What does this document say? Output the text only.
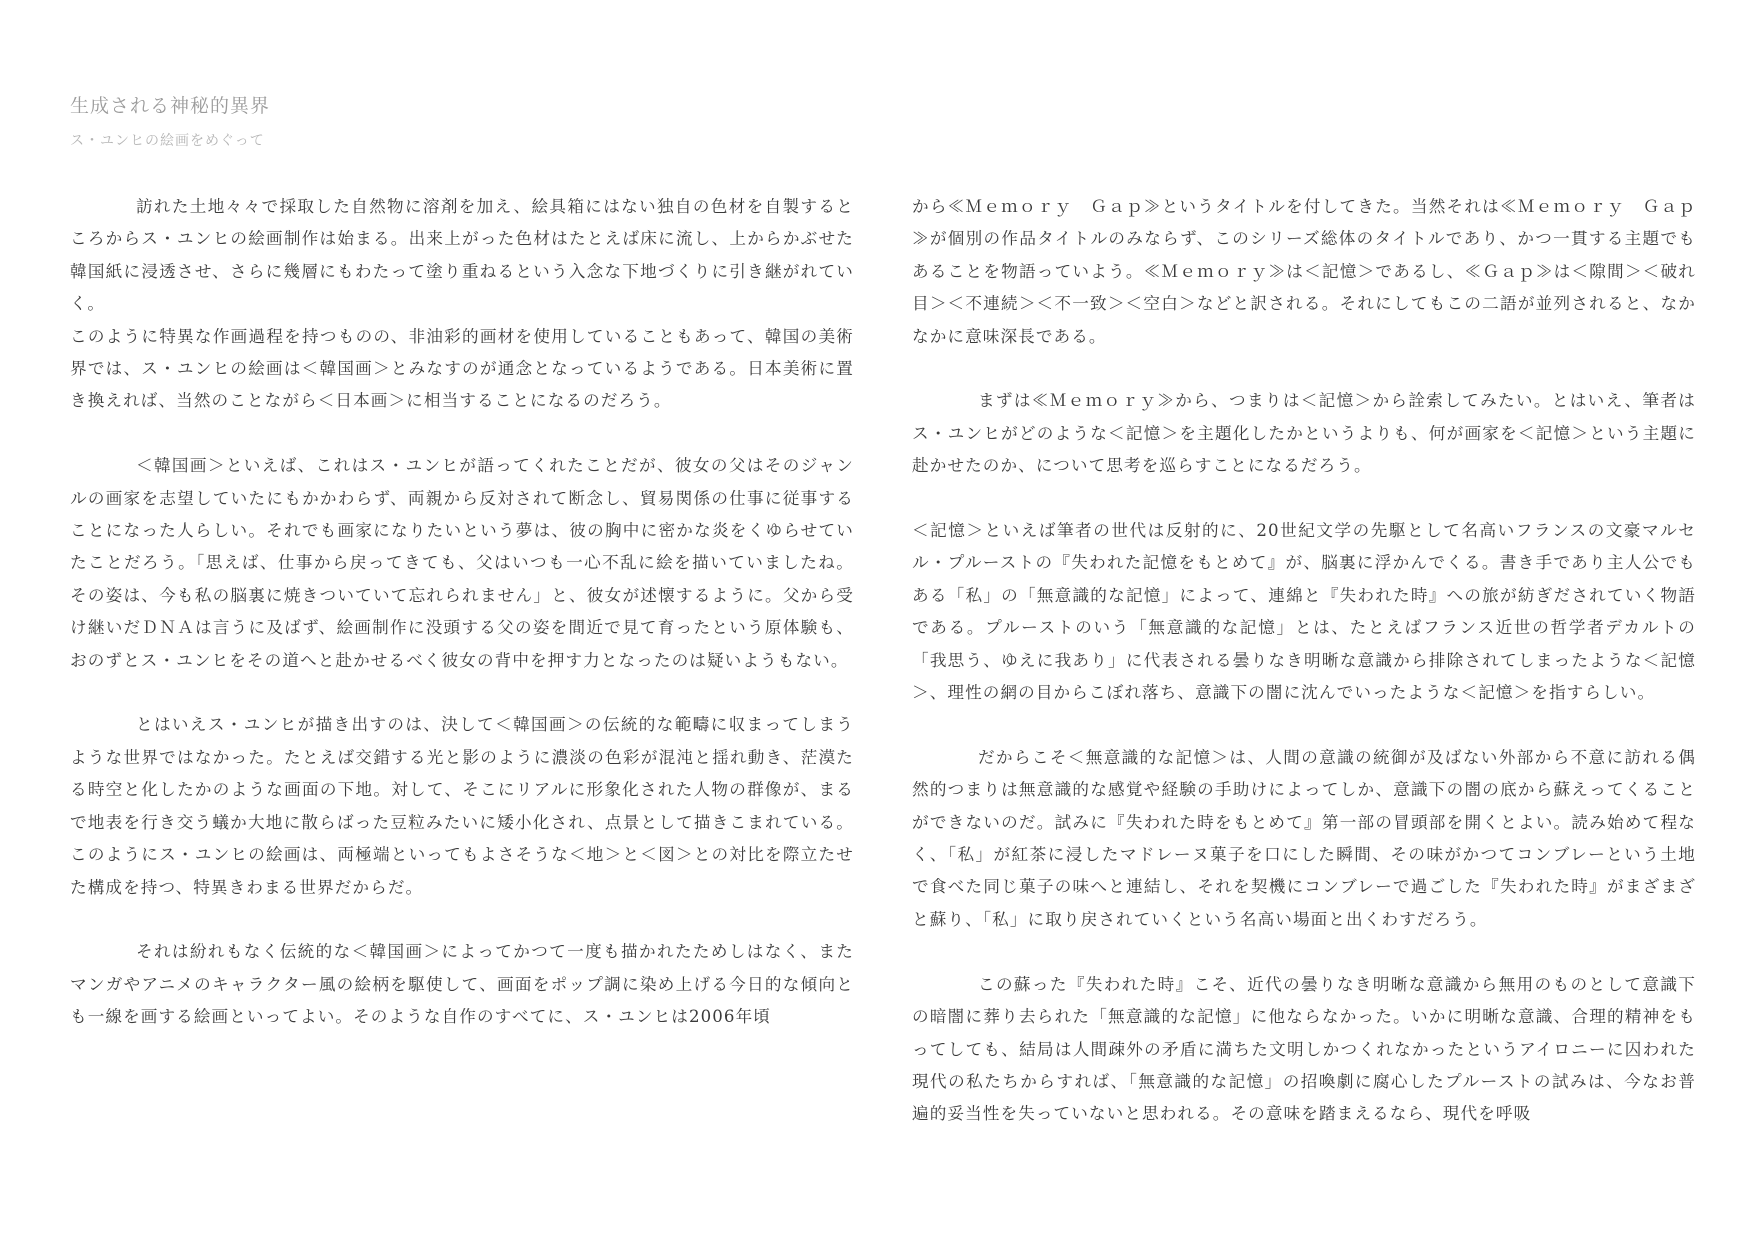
生成される神秘的異界
ス・ユンヒの絵画をめぐって

訪れた土地々々で採取した自然物に溶剤を加え、絵具箱にはない独自の色材を自製するところからス・ユンヒの絵画制作は始まる。出来上がった色材はたとえば床に流し、上からかぶせた韓国紙に浸透させ、さらに幾層にもわたって塗り重ねるという入念な下地づくりに引き継がれていく。

このように特異な作画過程を持つものの、非油彩的画材を使用していることもあって、韓国の美術界では、ス・ユンヒの絵画は＜韓国画＞とみなすのが通念となっているようである。日本美術に置き換えれば、当然のことながら＜日本画＞に相当することになるのだろう。

＜韓国画＞といえば、これはス・ユンヒが語ってくれたことだが、彼女の父はそのジャンルの画家を志望していたにもかかわらず、両親から反対されて断念し、貿易関係の仕事に従事することになった人らしい。それでも画家になりたいという夢は、彼の胸中に密かな炎をくゆらせていたことだろう。「思えば、仕事から戻ってきても、父はいつも一心不乱に絵を描いていましたね。その姿は、今も私の脳裏に焼きついていて忘れられません」と、彼女が述懐するように。父から受け継いだＤＮＡは言うに及ばず、絵画制作に没頭する父の姿を間近で見て育ったという原体験も、おのずとス・ユンヒをその道へと赴かせるべく彼女の背中を押す力となったのは疑いようもない。

とはいえス・ユンヒが描き出すのは、決して＜韓国画＞の伝統的な範疇に収まってしまうような世界ではなかった。たとえば交錯する光と影のように濃淡の色彩が混沌と揺れ動き、茫漠たる時空と化したかのような画面の下地。対して、そこにリアルに形象化された人物の群像が、まるで地表を行き交う蟻か大地に散らばった豆粒みたいに矮小化され、点景として描きこまれている。このようにス・ユンヒの絵画は、両極端といってもよさそうな＜地＞と＜図＞との対比を際立たせた構成を持つ、特異きわまる世界だからだ。

それは紛れもなく伝統的な＜韓国画＞によってかつて一度も描かれたためしはなく、またマンガやアニメのキャラクター風の絵柄を駆使して、画面をポップ調に染め上げる今日的な傾向とも一線を画する絵画といってよい。そのような自作のすべてに、ス・ユンヒは2006年頃

から≪Ｍｅｍｏｒｙ　Ｇａｐ≫というタイトルを付してきた。当然それは≪Ｍｅｍｏｒｙ　Ｇａｐ≫が個別の作品タイトルのみならず、このシリーズ総体のタイトルであり、かつ一貫する主題でもあることを物語っていよう。≪Ｍｅｍｏｒｙ≫は＜記憶＞であるし、≪Ｇａｐ≫は＜隙間＞＜破れ目＞＜不連続＞＜不一致＞＜空白＞などと訳される。それにしてもこの二語が並列されると、なかなかに意味深長である。

まずは≪Ｍｅｍｏｒｙ≫から、つまりは＜記憶＞から詮索してみたい。とはいえ、筆者はス・ユンヒがどのような＜記憶＞を主題化したかというよりも、何が画家を＜記憶＞という主題に赴かせたのか、について思考を巡らすことになるだろう。

＜記憶＞といえば筆者の世代は反射的に、20世紀文学の先駆として名高いフランスの文豪マルセル・プルーストの『失われた記憶をもとめて』が、脳裏に浮かんでくる。書き手であり主人公でもある「私」の「無意識的な記憶」によって、連綿と『失われた時』への旅が紡ぎだされていく物語である。プルーストのいう「無意識的な記憶」とは、たとえばフランス近世の哲学者デカルトの「我思う、ゆえに我あり」に代表される曇りなき明晰な意識から排除されてしまったような＜記憶＞、理性の網の目からこぼれ落ち、意識下の闇に沈んでいったような＜記憶＞を指すらしい。

だからこそ＜無意識的な記憶＞は、人間の意識の統御が及ばない外部から不意に訪れる偶然的つまりは無意識的な感覚や経験の手助けによってしか、意識下の闇の底から蘇えってくることができないのだ。試みに『失われた時をもとめて』第一部の冒頭部を開くとよい。読み始めて程なく、「私」が紅茶に浸したマドレーヌ菓子を口にした瞬間、その味がかつてコンブレーという土地で食べた同じ菓子の味へと連結し、それを契機にコンブレーで過ごした『失われた時』がまざまざと蘇り、「私」に取り戻されていくという名高い場面と出くわすだろう。

この蘇った『失われた時』こそ、近代の曇りなき明晰な意識から無用のものとして意識下の暗闇に葬り去られた「無意識的な記憶」に他ならなかった。いかに明晰な意識、合理的精神をもってしても、結局は人間疎外の矛盾に満ちた文明しかつくれなかったというアイロニーに囚われた現代の私たちからすれば、「無意識的な記憶」の招喚劇に腐心したプルーストの試みは、今なお普遍的妥当性を失っていないと思われる。その意味を踏まえるなら、現代を呼吸
